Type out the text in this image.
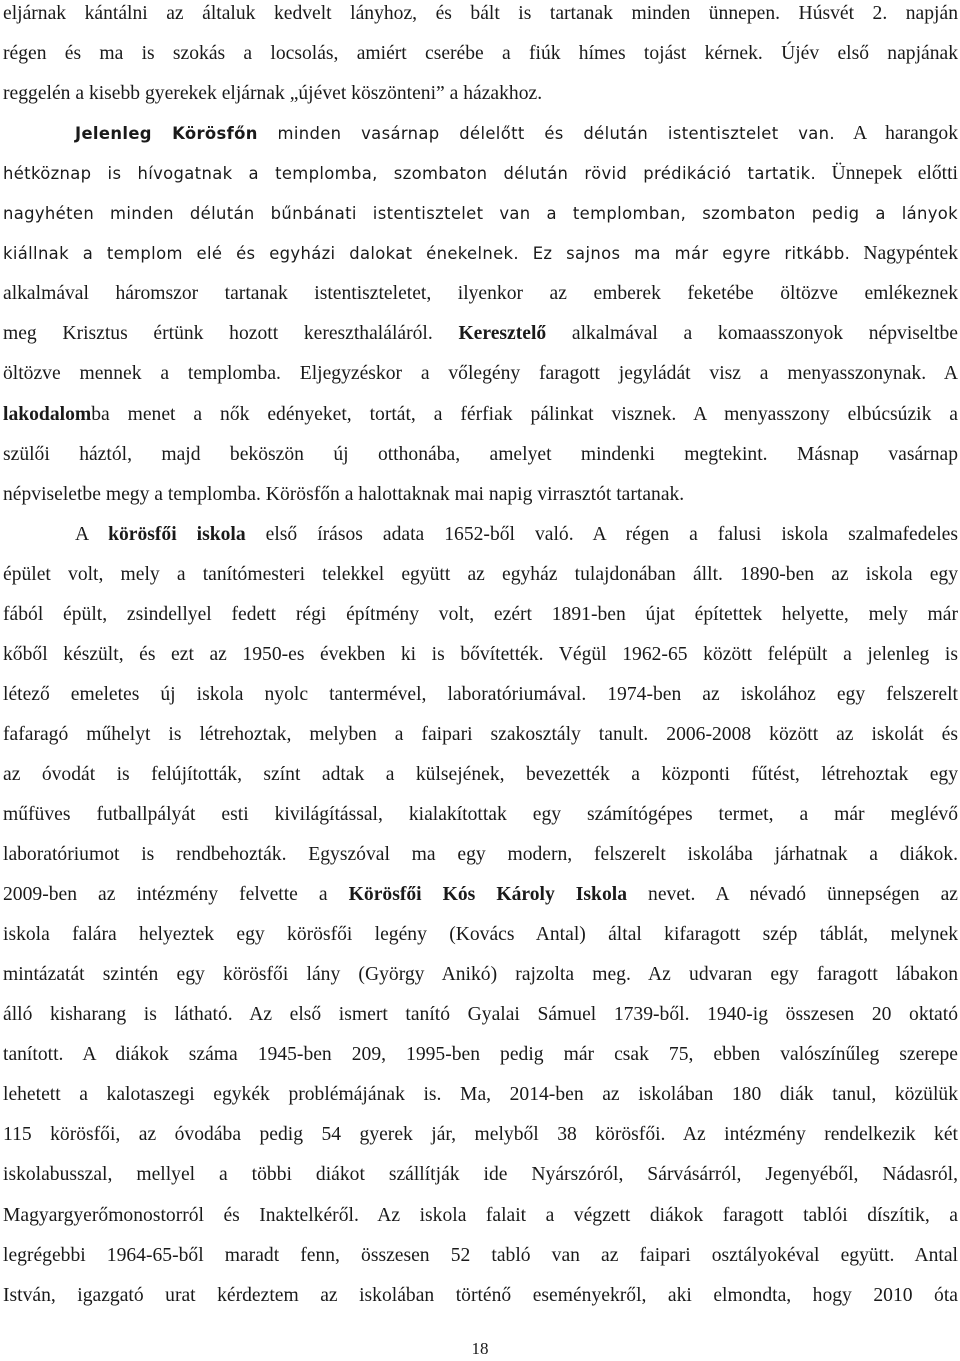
eljárnak kántálni az általuk kedvelt lányhoz, és bált is tartanak minden ünnepen. Húsvét 2. napján
régen és ma is szokás a locsolás, amiért cserébe a fiúk hímes tojást kérnek. Újév első napjának
reggelén a kisebb gyerekek eljárnak „újévet köszönteni” a házakhoz.
Jelenleg Körösfőn minden vasárnap délelőtt és délután istentisztelet van. A harangok
hétköznap is hívogatnak a templomba, szombaton délután rövid prédikáció tartatik. Ünnepek előtti
nagyhéten minden délután bűnbánati istentisztelet van a templomban, szombaton pedig a lányok
kiállnak a templom elé és egyházi dalokat énekelnek. Ez sajnos ma már egyre ritkább. Nagypéntek
alkalmával háromszor tartanak istentiszteletet, ilyenkor az emberek feketébe öltözve emlékeznek
meg Krisztus értünk hozott kereszthaláláról. Keresztelő alkalmával a komaasszonyok népviseltbe
öltözve mennek a templomba. Eljegyzéskor a vőlegény faragott jegyládát visz a menyasszonynak. A
lakodalomba menet a nők edényeket, tortát, a férfiak pálinkat visznek. A menyasszony elbúcsúzik a
szülői háztól, majd beköszön új otthonába, amelyet mindenki megtekint. Másnap vasárnap
népviseletbe megy a templomba. Körösfőn a halottaknak mai napig virrasztót tartanak.
A körösfői iskola első írásos adata 1652-ből való. A régen a falusi iskola szalmafedeles
épület volt, mely a tanítómesteri telekkel együtt az egyház tulajdonában állt. 1890-ben az iskola egy
fából épült, zsindellyel fedett régi építmény volt, ezért 1891-ben újat építettek helyette, mely már
kőből készült, és ezt az 1950-es években ki is bővítették. Végül 1962-65 között felépült a jelenleg is
létező emeletes új iskola nyolc tantermével, laboratóriumával. 1974-ben az iskolához egy felszerelt
fafaragó műhelyt is létrehoztak, melyben a faipari szakosztály tanult. 2006-2008 között az iskolát és
az óvodát is felújították, színt adtak a külsejének, bevezették a központi fűtést, létrehoztak egy
műfüves futballpályát esti kivilágítással, kialakítottak egy számítógépes termet, a már meglévő
laboratóriumot is rendbehozták. Egyszóval ma egy modern, felszerelt iskolába járhatnak a diákok.
2009-ben az intézmény felvette a Körösfői Kós Károly Iskola nevet. A névadó ünnepségen az
iskola falára helyeztek egy körösfői legény (Kovács Antal) által kifaragott szép táblát, melynek
mintázatát szintén egy körösfői lány (György Anikó) rajzolta meg. Az udvaran egy faragott lábakon
álló kisharang is látható. Az első ismert tanító Gyalai Sámuel 1739-ből. 1940-ig összesen 20 oktató
tanított. A diákok száma 1945-ben 209, 1995-ben pedig már csak 75, ebben valószínűleg szerepe
lehetett a kalotaszegi egykék problémájának is. Ma, 2014-ben az iskolában 180 diák tanul, közülük
115 körösfői, az óvodába pedig 54 gyerek jár, melyből 38 körösfői. Az intézmény rendelkezik két
iskolabusszal, mellyel a többi diákot szállítják ide Nyárszóról, Sárvásárról, Jegenyéből, Nádasról,
Magyargyerőmonostorról és Inaktelkéről. Az iskola falait a végzett diákok faragott tablói díszítik, a
legrégebbi 1964-65-ből maradt fenn, összesen 52 tabló van az faipari osztályokéval együtt. Antal
István, igazgató urat kérdeztem az iskolában történő eseményekről, aki elmondta, hogy 2010 óta
18
